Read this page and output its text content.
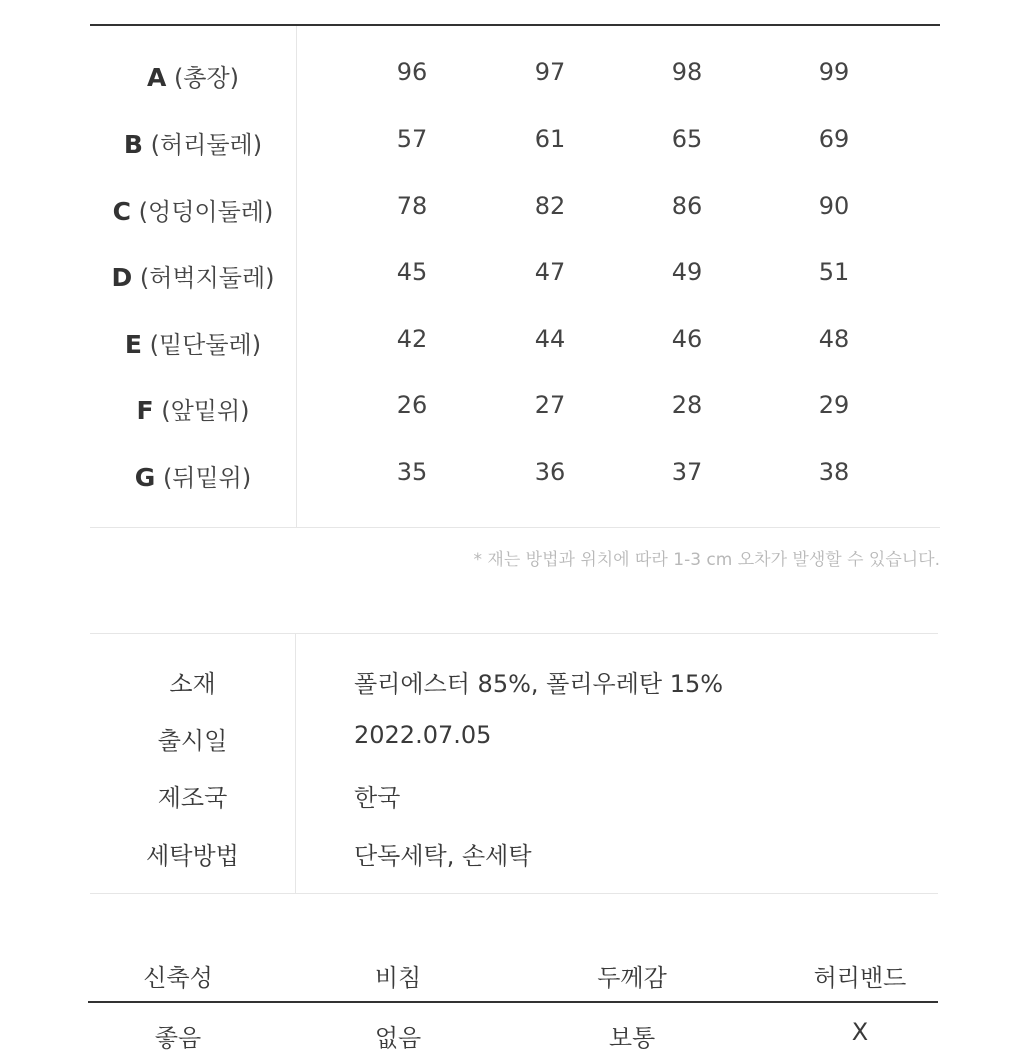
A (총장)	96	97	98	99
B (허리둘레)	57	61	65	69
C (엉덩이둘레)	78	82	86	90
D (허벅지둘레)	45	47	49	51
E (밑단둘레)	42	44	46	48
F (앞밑위)	26	27	28	29
G (뒤밑위)	35	36	37	38
* 재는 방법과 위치에 따라 1-3 cm 오차가 발생할 수 있습니다.
소재	폴리에스터 85%, 폴리우레탄 15%
출시일	2022.07.05
제조국	한국
세탁방법	단독세탁, 손세탁
신축성	비침	두께감	허리밴드
좋음	없음	보통	X
